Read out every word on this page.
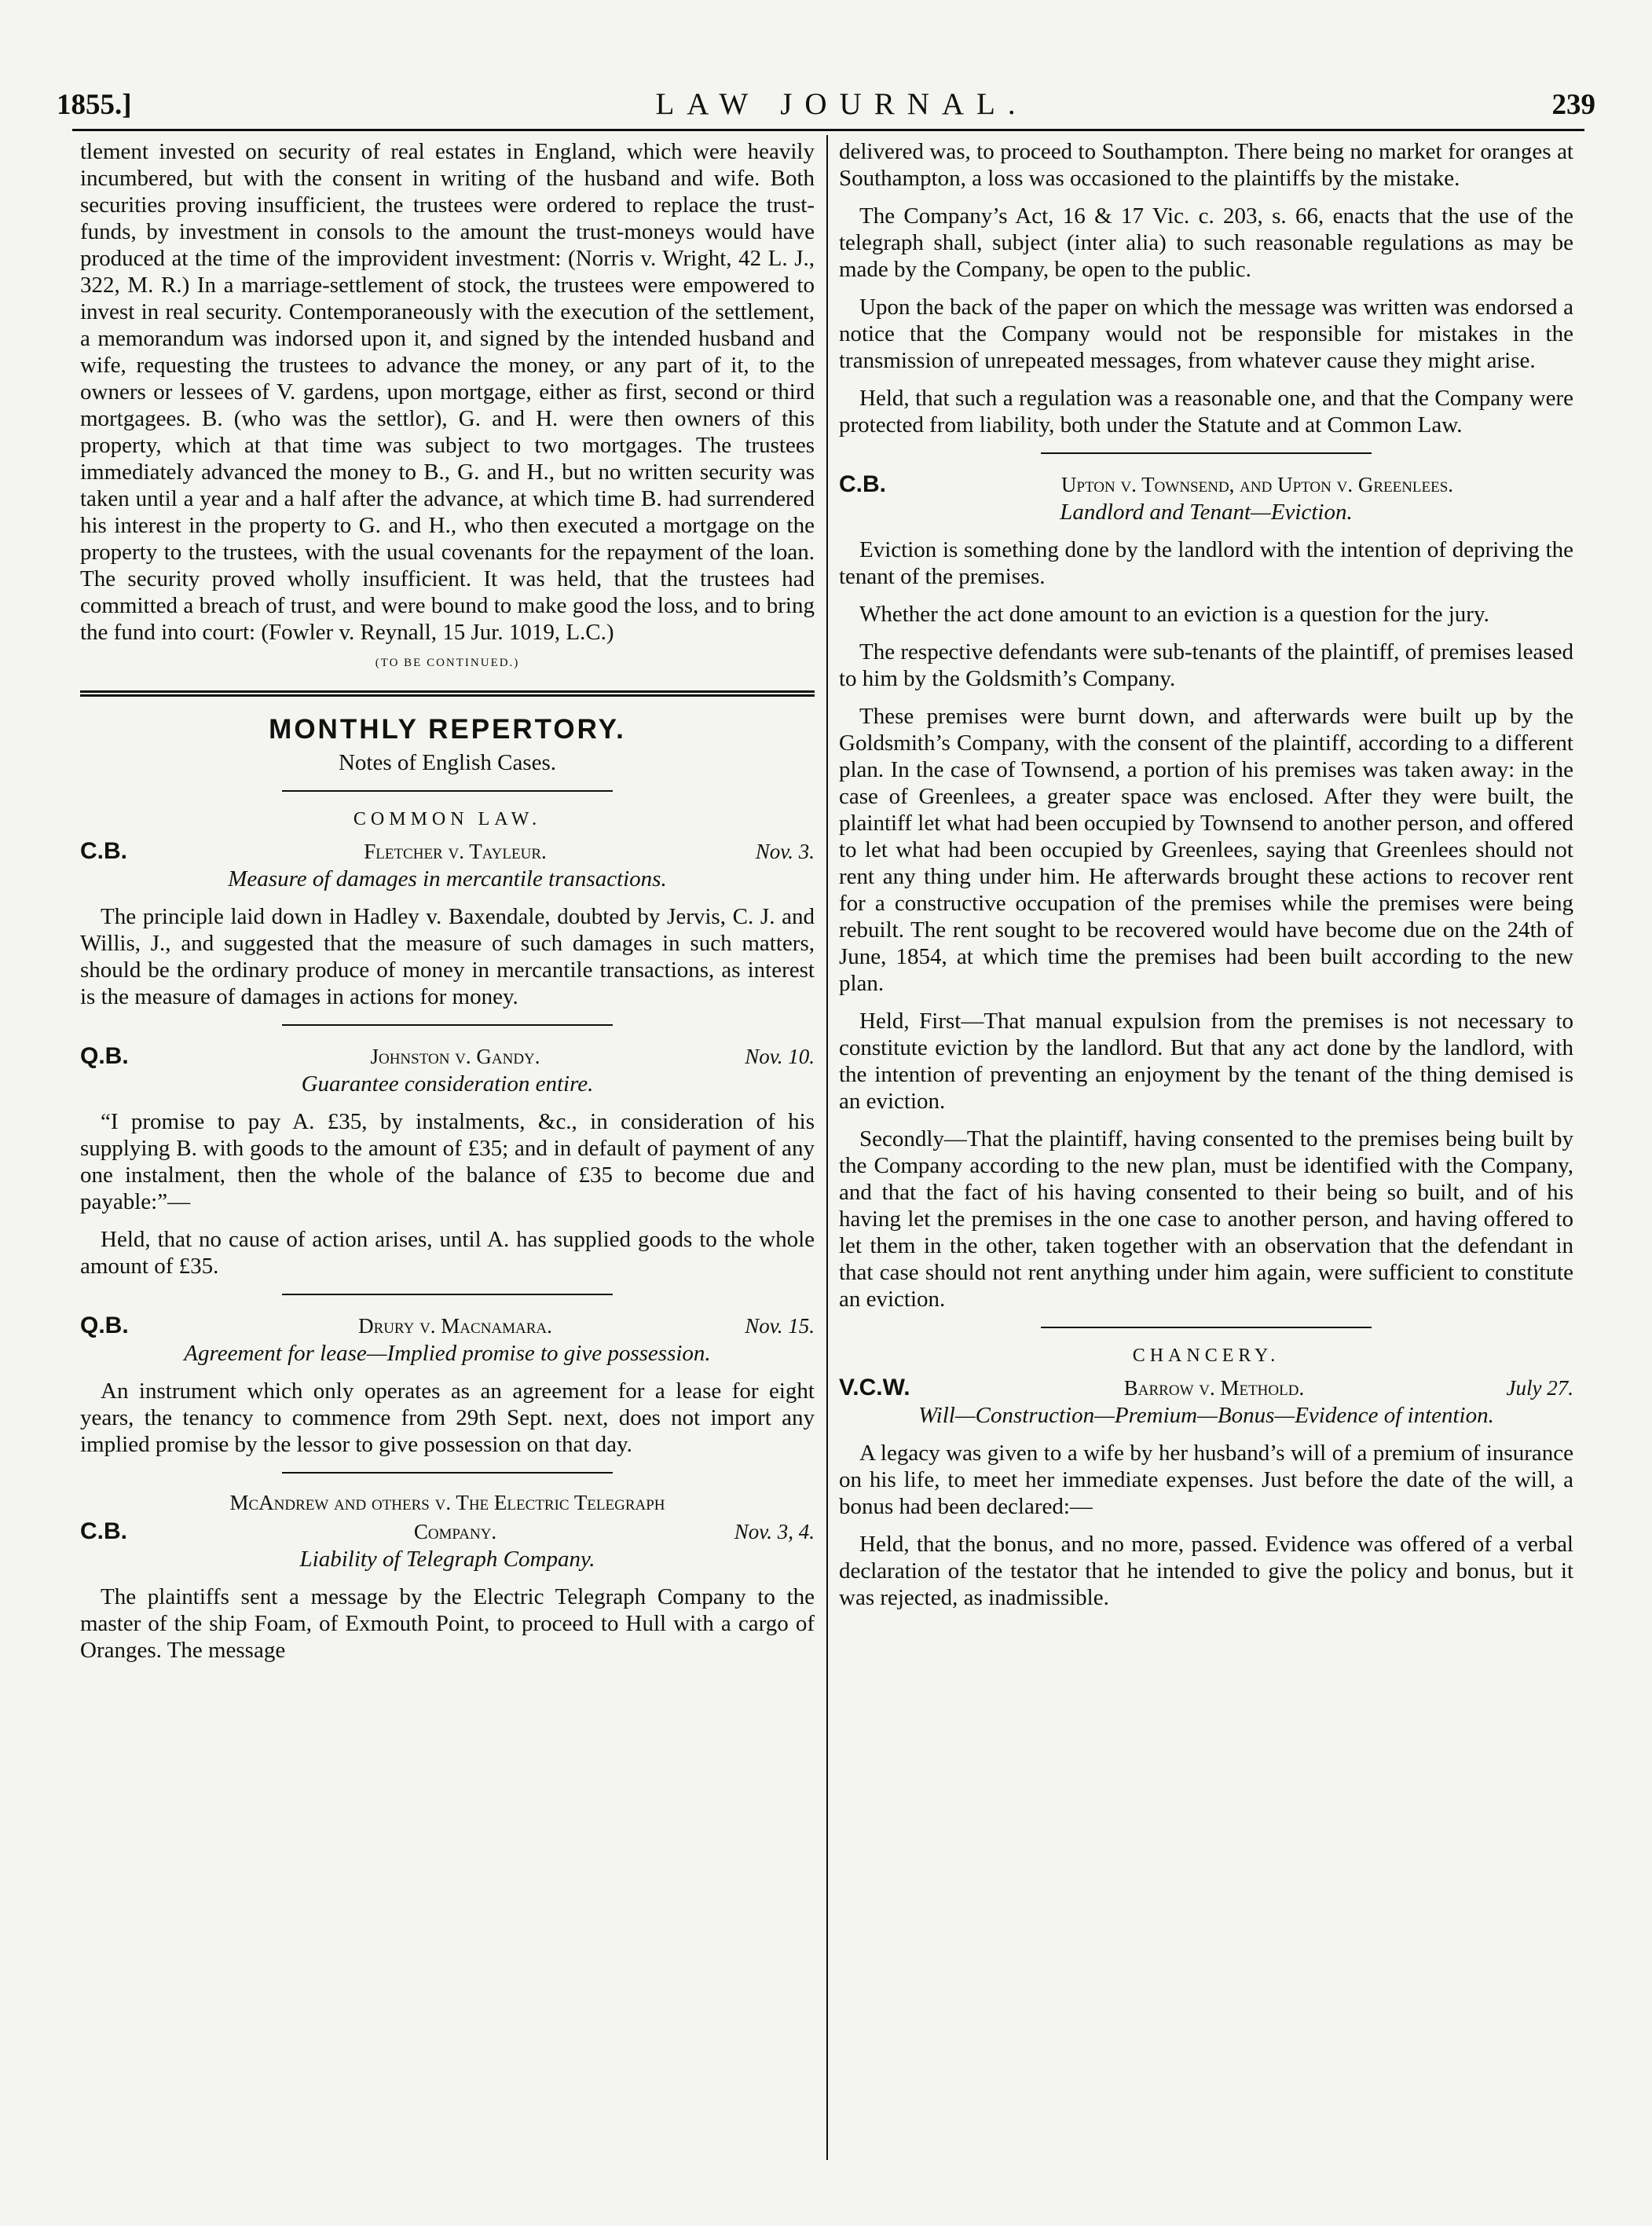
1855.]	LAW JOURNAL.	239

tlement invested on security of real estates in England, which were heavily incumbered, but with the consent in writing of the husband and wife. Both securities proving insufficient, the trustees were ordered to replace the trust-funds, by investment in consols to the amount the trust-moneys would have produced at the time of the improvident investment: (Norris v. Wright, 42 L. J., 322, M. R.) In a marriage-settlement of stock, the trustees were empowered to invest in real security. Contemporaneously with the execution of the settlement, a memorandum was indorsed upon it, and signed by the intended husband and wife, requesting the trustees to advance the money, or any part of it, to the owners or lessees of V. gardens, upon mortgage, either as first, second or third mortgagees. B. (who was the settlor), G. and H. were then owners of this property, which at that time was subject to two mortgages. The trustees immediately advanced the money to B., G. and H., but no written security was taken until a year and a half after the advance, at which time B. had surrendered his interest in the property to G. and H., who then executed a mortgage on the property to the trustees, with the usual covenants for the repayment of the loan. The security proved wholly insufficient. It was held, that the trustees had committed a breach of trust, and were bound to make good the loss, and to bring the fund into court: (Fowler v. Reynall, 15 Jur. 1019, L.C.)

(TO BE CONTINUED.)
MONTHLY REPERTORY.
Notes of English Cases.
COMMON LAW.
C.B.	Fletcher v. Tayleur.	Nov. 3.
Measure of damages in mercantile transactions.

The principle laid down in Hadley v. Baxendale, doubted by Jervis, C. J. and Willis, J., and suggested that the measure of such damages in such matters, should be the ordinary produce of money in mercantile transactions, as interest is the measure of damages in actions for money.

Q.B.	Johnston v. Gandy.	Nov. 10.
Guarantee consideration entire.

“I promise to pay A. £35, by instalments, &c., in consideration of his supplying B. with goods to the amount of £35; and in default of payment of any one instalment, then the whole of the balance of £35 to become due and payable:”—

Held, that no cause of action arises, until A. has supplied goods to the whole amount of £35.

Q.B.	Drury v. Macnamara.	Nov. 15.
Agreement for lease—Implied promise to give possession.

An instrument which only operates as an agreement for a lease for eight years, the tenancy to commence from 29th Sept. next, does not import any implied promise by the lessor to give possession on that day.

McAndrew and others v. The Electric Telegraph
C.B.	Company.	Nov. 3, 4.
Liability of Telegraph Company.

The plaintiffs sent a message by the Electric Telegraph Company to the master of the ship Foam, of Exmouth Point, to proceed to Hull with a cargo of Oranges. The message

delivered was, to proceed to Southampton. There being no market for oranges at Southampton, a loss was occasioned to the plaintiffs by the mistake.

The Company’s Act, 16 & 17 Vic. c. 203, s. 66, enacts that the use of the telegraph shall, subject (inter alia) to such reasonable regulations as may be made by the Company, be open to the public.

Upon the back of the paper on which the message was written was endorsed a notice that the Company would not be responsible for mistakes in the transmission of unrepeated messages, from whatever cause they might arise.

Held, that such a regulation was a reasonable one, and that the Company were protected from liability, both under the Statute and at Common Law.

C.B.	Upton v. Townsend, and Upton v. Greenlees.
Landlord and Tenant—Eviction.

Eviction is something done by the landlord with the intention of depriving the tenant of the premises.

Whether the act done amount to an eviction is a question for the jury.

The respective defendants were sub-tenants of the plaintiff, of premises leased to him by the Goldsmith’s Company.

These premises were burnt down, and afterwards were built up by the Goldsmith’s Company, with the consent of the plaintiff, according to a different plan. In the case of Townsend, a portion of his premises was taken away: in the case of Greenlees, a greater space was enclosed. After they were built, the plaintiff let what had been occupied by Townsend to another person, and offered to let what had been occupied by Greenlees, saying that Greenlees should not rent any thing under him. He afterwards brought these actions to recover rent for a constructive occupation of the premises while the premises were being rebuilt. The rent sought to be recovered would have become due on the 24th of June, 1854, at which time the premises had been built according to the new plan.

Held, First—That manual expulsion from the premises is not necessary to constitute eviction by the landlord. But that any act done by the landlord, with the intention of preventing an enjoyment by the tenant of the thing demised is an eviction.

Secondly—That the plaintiff, having consented to the premises being built by the Company according to the new plan, must be identified with the Company, and that the fact of his having consented to their being so built, and of his having let the premises in the one case to another person, and having offered to let them in the other, taken together with an observation that the defendant in that case should not rent anything under him again, were sufficient to constitute an eviction.

CHANCERY.
V.C.W.	Barrow v. Methold.	July 27.
Will—Construction—Premium—Bonus—Evidence of intention.

A legacy was given to a wife by her husband’s will of a premium of insurance on his life, to meet her immediate expenses. Just before the date of the will, a bonus had been declared:—

Held, that the bonus, and no more, passed. Evidence was offered of a verbal declaration of the testator that he intended to give the policy and bonus, but it was rejected, as inadmissible.
